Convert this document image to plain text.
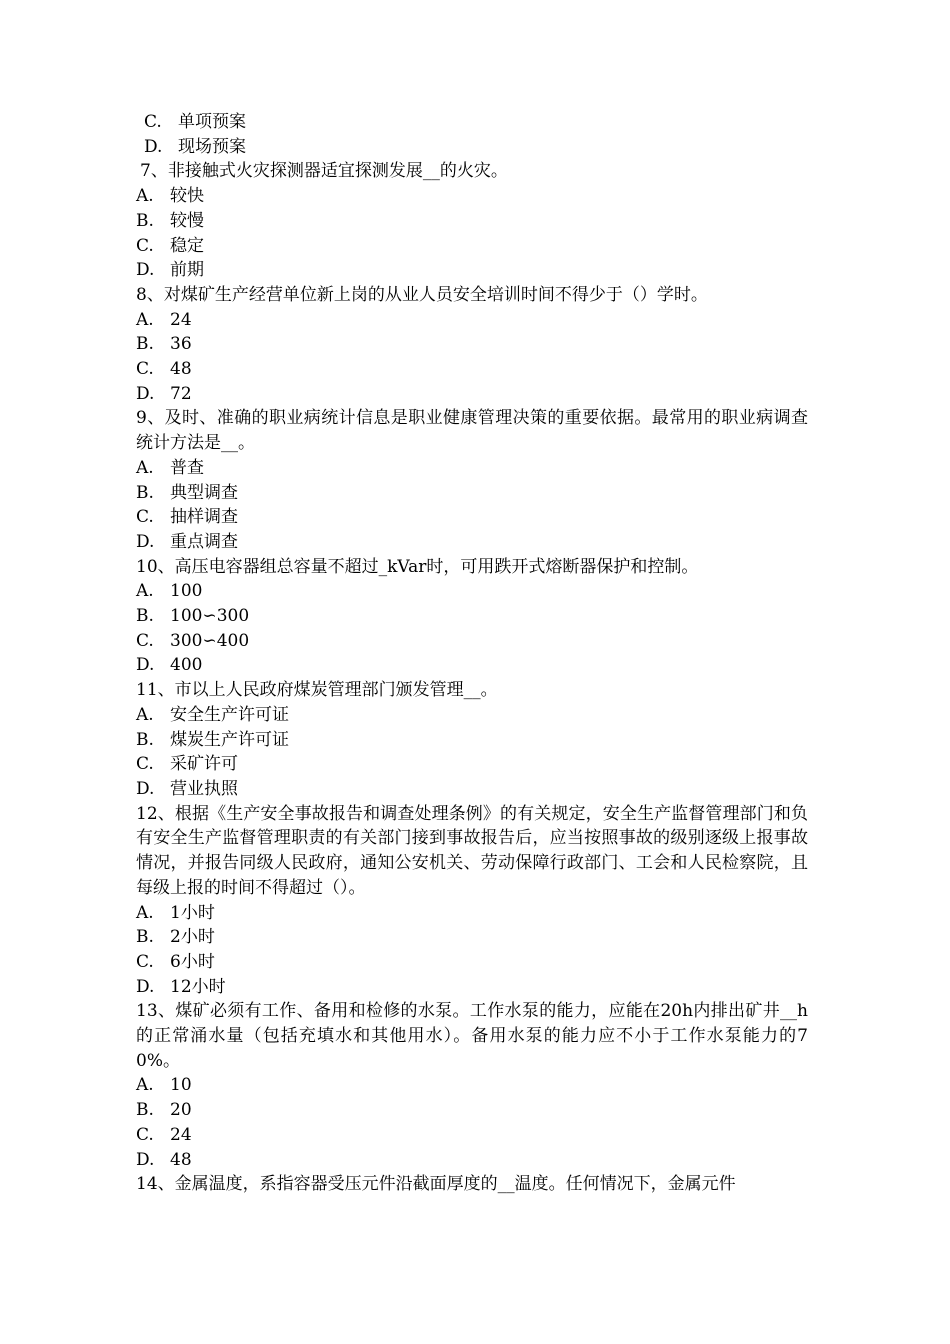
C. 单项预案
D. 现场预案
7、非接触式火灾探测器适宜探测发展__的火灾。
A. 较快
B. 较慢
C. 稳定
D. 前期
8、对煤矿生产经营单位新上岗的从业人员安全培训时间不得少于（）学时。
A. 24
B. 36
C. 48
D. 72
9、及时、准确的职业病统计信息是职业健康管理决策的重要依据。最常用的职业病调查统计方法是__。
A. 普查
B. 典型调查
C. 抽样调查
D. 重点调查
10、高压电容器组总容量不超过_kVar时，可用跌开式熔断器保护和控制。
A. 100
B. 100∽300
C. 300∽400
D. 400
11、市以上人民政府煤炭管理部门颁发管理__。
A. 安全生产许可证
B. 煤炭生产许可证
C. 采矿许可
D. 营业执照
12、根据《生产安全事故报告和调查处理条例》的有关规定，安全生产监督管理部门和负有安全生产监督管理职责的有关部门接到事故报告后，应当按照事故的级别逐级上报事故情况，并报告同级人民政府，通知公安机关、劳动保障行政部门、工会和人民检察院，且每级上报的时间不得超过（）。
A. 1小时
B. 2小时
C. 6小时
D. 12小时
13、煤矿必须有工作、备用和检修的水泵。工作水泵的能力，应能在20h内排出矿井__h的正常涌水量（包括充填水和其他用水）。备用水泵的能力应不小于工作水泵能力的70%。
A. 10
B. 20
C. 24
D. 48
14、金属温度，系指容器受压元件沿截面厚度的__温度。任何情况下，金属元件
